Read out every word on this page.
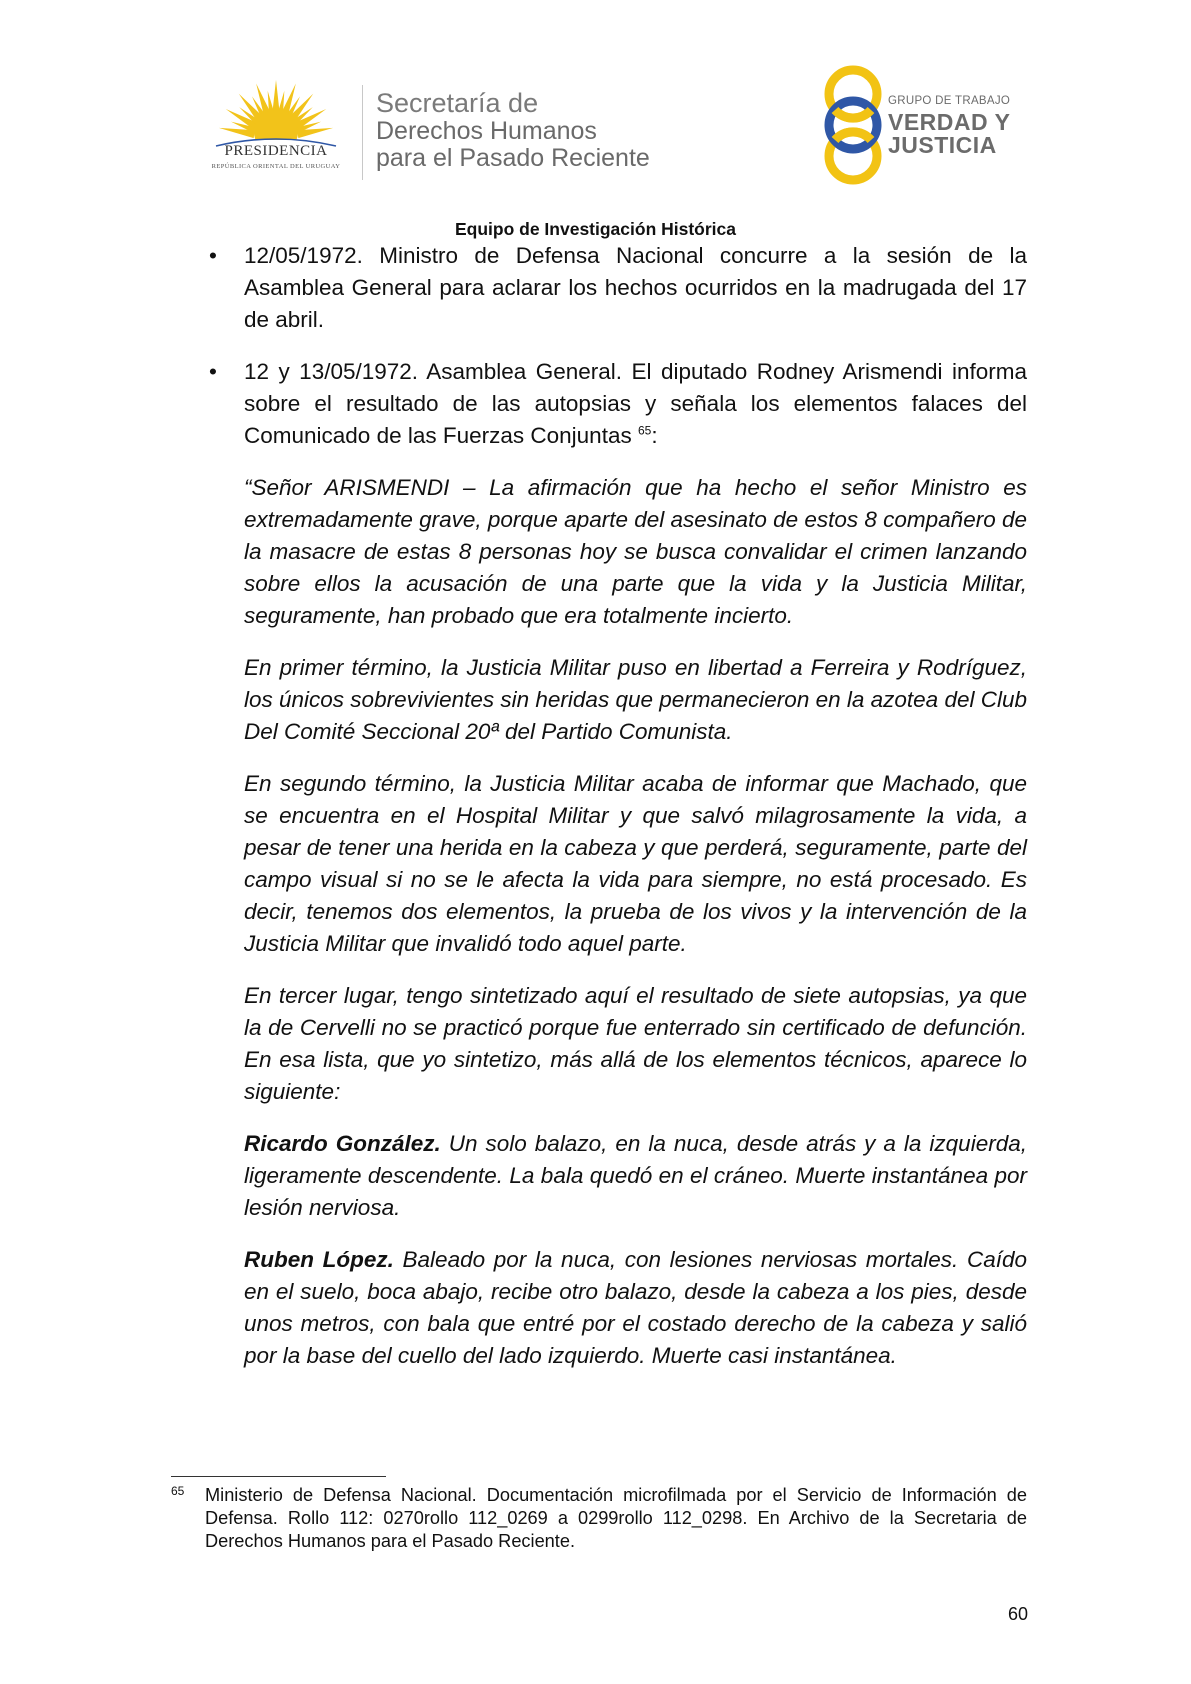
PRESIDENCIA
REPÚBLICA ORIENTAL DEL URUGUAY
Secretaría de
Derechos Humanos
para el Pasado Reciente
GRUPO DE TRABAJO
VERDAD Y
JUSTICIA
Equipo de Investigación Histórica
•	12/05/1972. Ministro de Defensa Nacional concurre a la sesión de la Asamblea General para aclarar los hechos ocurridos en la madrugada del 17 de abril.
•	12 y 13/05/1972. Asamblea General. El diputado Rodney Arismendi informa sobre el resultado de las autopsias y señala los elementos falaces del Comunicado de las Fuerzas Conjuntas $^{65}$:

“Señor ARISMENDI – La afirmación que ha hecho el señor Ministro es extremadamente grave, porque aparte del asesinato de estos 8 compañero de la masacre de estas 8 personas hoy se busca convalidar el crimen lanzando sobre ellos la acusación de una parte que la vida y la Justicia Militar, seguramente, han probado que era totalmente incierto.

En primer término, la Justicia Militar puso en libertad a Ferreira y Rodríguez, los únicos sobrevivientes sin heridas que permanecieron en la azotea del Club Del Comité Seccional 20ª del Partido Comunista.

En segundo término, la Justicia Militar acaba de informar que Machado, que se encuentra en el Hospital Militar y que salvó milagrosamente la vida, a pesar de tener una herida en la cabeza y que perderá, seguramente, parte del campo visual si no se le afecta la vida para siempre, no está procesado. Es decir, tenemos dos elementos, la prueba de los vivos y la intervención de la Justicia Militar que invalidó todo aquel parte.

En tercer lugar, tengo sintetizado aquí el resultado de siete autopsias, ya que la de Cervelli no se practicó porque fue enterrado sin certificado de defunción. En esa lista, que yo sintetizo, más allá de los elementos técnicos, aparece lo siguiente:

Ricardo González. Un solo balazo, en la nuca, desde atrás y a la izquierda, ligeramente descendente. La bala quedó en el cráneo. Muerte instantánea por lesión nerviosa.

Ruben López. Baleado por la nuca, con lesiones nerviosas mortales. Caído en el suelo, boca abajo, recibe otro balazo, desde la cabeza a los pies, desde unos metros, con bala que entré por el costado derecho de la cabeza y salió por la base del cuello del lado izquierdo. Muerte casi instantánea.

65 Ministerio de Defensa Nacional. Documentación microfilmada por el Servicio de Información de Defensa. Rollo 112: 0270rollo 112_0269 a 0299rollo 112_0298. En Archivo de la Secretaria de Derechos Humanos para el Pasado Reciente.
60
